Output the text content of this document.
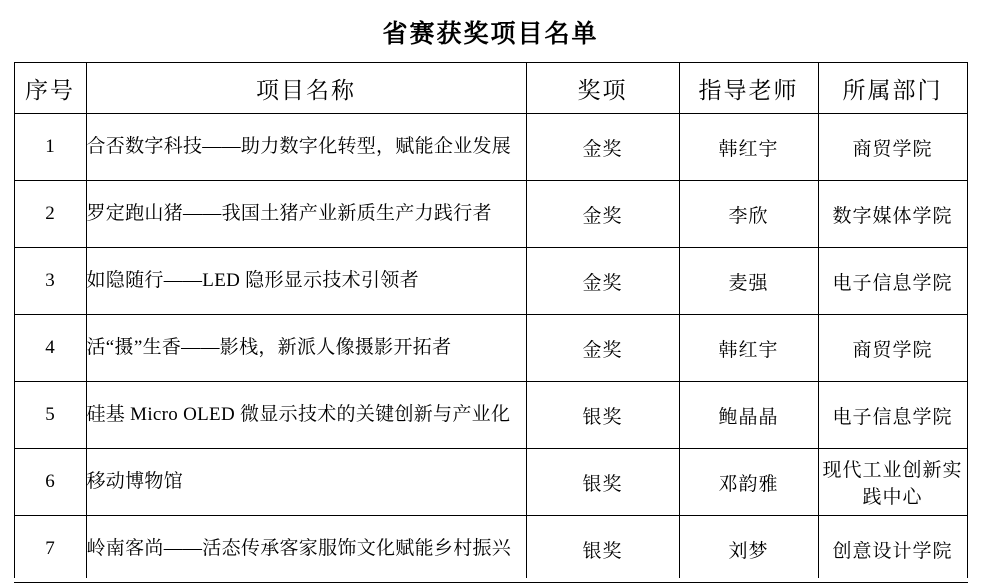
省赛获奖项目名单
序号	项目名称	奖项	指导老师	所属部门
1	合否数字科技——助力数字化转型，赋能企业发展	金奖	韩红宇	商贸学院
2	罗定跑山猪——我国土猪产业新质生产力践行者	金奖	李欣	数字媒体学院
3	如隐随行——LED 隐形显示技术引领者	金奖	麦强	电子信息学院
4	活“摄”生香——影栈，新派人像摄影开拓者	金奖	韩红宇	商贸学院
5	硅基 Micro OLED 微显示技术的关键创新与产业化	银奖	鲍晶晶	电子信息学院
6	移动博物馆	银奖	邓韵雅	现代工业创新实践中心
7	岭南客尚——活态传承客家服饰文化赋能乡村振兴	银奖	刘梦	创意设计学院
